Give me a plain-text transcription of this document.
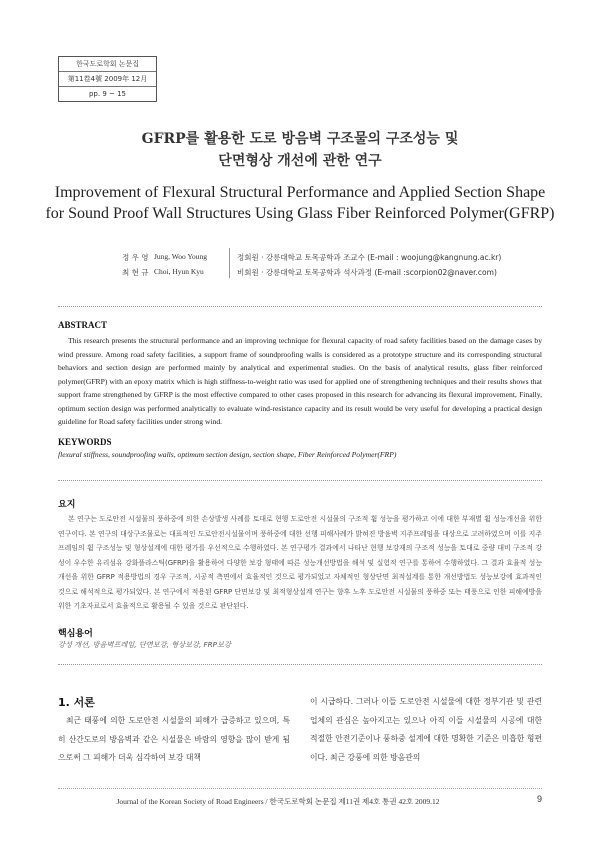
한국도로학회 논문집
第11卷4號 2009年 12月
pp. 9 ~ 15
GFRP를 활용한 도로 방음벽 구조물의 구조성능 및
단면형상 개선에 관한 연구
Improvement of Flexural Structural Performance and Applied Section Shape
for Sound Proof Wall Structures Using Glass Fiber Reinforced Polymer(GFRP)
정 우 영 Jung, Woo Young	정회원 · 강릉대학교 토목공학과 조교수 (E-mail : woojung@kangnung.ac.kr)
최 현 규 Choi, Hyun Kyu	비회원 · 강릉대학교 토목공학과 석사과정 (E-mail :scorpion02@naver.com)
ABSTRACT

This research presents the structural performance and an improving technique for flexural capacity of road safety facilities based on the damage cases by wind pressure. Among road safety facilities, a support frame of soundproofing walls is considered as a prototype structure and its corresponding structural behaviors and section design are performed mainly by analytical and experimental studies. On the basis of analytical results, glass fiber reinforced polymer(GFRP) with an epoxy matrix which is high stiffness-to-weight ratio was used for applied one of strengthening techniques and their results shows that support frame strengthened by GFRP is the most effective compared to other cases proposed in this research for advancing its flexural improvement, Finally, optimum section design was performed analytically to evaluate wind-resistance capacity and its result would be very useful for developing a practical design guideline for Road safety facilities under strong wind.

KEYWORDS
flexural stiffness, soundproofing walls, optimum section design, section shape, Fiber Reinforced Polymer(FRP)
요지

본 연구는 도로안전 시설물의 풍하중에 의한 손상발생 사례를 토대로 현행 도로안전 시설물의 구조적 휨 성능을 평가하고 이에 대한 부재별 휨 성능개선을 위한 연구이다. 본 연구의 대상구조물로는 대표적인 도로안전시설물이며 풍하중에 대한 선행 피해사례가 밝혀진 방음벽 지주프레임을 대상으로 고려하였으며 이를 지주프레임의 휨 구조성능 및 형상설계에 대한 평가를 우선적으로 수행하였다. 본 연구평가 결과에서 나타난 현행 보강재의 구조적 성능을 토대로 중량 대비 구조적 강성이 우수한 유리섬유 강화플라스틱(GFRP)을 활용하여 다양한 보강 형태에 따른 성능개선방법을 해석 및 실험적 연구를 통하여 수행하였다. 그 결과 효율적 성능개선을 위한 GFRP 적용방법의 경우 구조적, 시공적 측면에서 효율적인 것으로 평가되었고 자체적인 형상단면 최적설계를 통한 개선방법도 성능보강에 효과적인 것으로 해석적으로 평가되었다. 본 연구에서 적용된 GFRP 단면보강 및 최적형상설계 연구는 향후 노후 도로안전 시설물의 풍하중 또는 태풍으로 인한 피해예방을 위한 기초자료로서 효율적으로 활용될 수 있을 것으로 판단된다.

핵심용어
강성 개선, 방음벽프레임, 단면보강, 형상보강, FRP보강
1. 서론

최근 태풍에 의한 도로안전 시설물의 피해가 급증하고 있으며, 특히 산간도로의 방음벽과 같은 시설물은 바람의 영향을 많이 받게 됨으로써 그 피해가 더욱 심각하여 보강 대책

이 시급하다. 그러나 이들 도로안전 시설물에 대한 정부기관 및 관련 업체의 관심은 높아지고는 있으나 아직 이들 시설물의 시공에 대한 적절한 안전기준이나 풍하중 설계에 대한 명확한 기준은 미흡한 형편이다. 최근 강풍에 의한 방음관의

Journal of the Korean Society of Road Engineers / 한국도로학회 논문집 제11권 제4호 통권 42호 2009.12	9
